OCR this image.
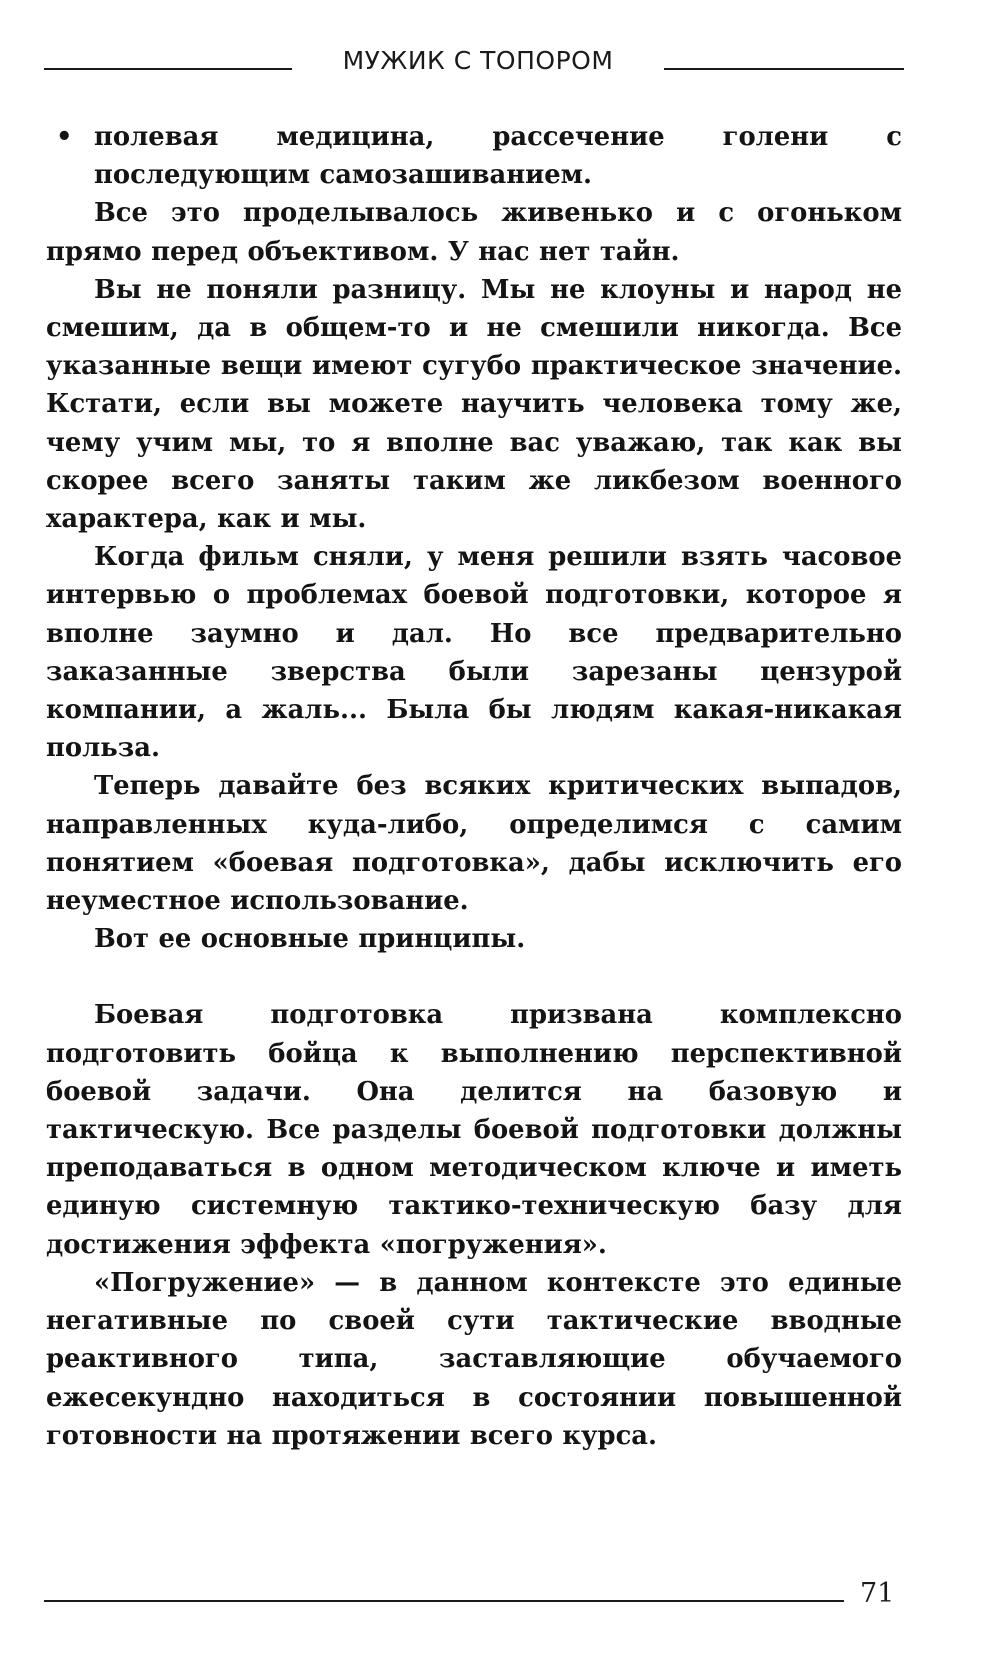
МУЖИК С ТОПОРОМ

• полевая медицина, рассечение голени с последующим самозашиванием.

Все это проделывалось живенько и с огоньком прямо перед объективом. У нас нет тайн.

Вы не поняли разницу. Мы не клоуны и народ не смешим, да в общем-то и не смешили никогда. Все указанные вещи имеют сугубо практическое значение. Кстати, если вы можете научить человека тому же, чему учим мы, то я вполне вас уважаю, так как вы скорее всего заняты таким же ликбезом военного характера, как и мы.

Когда фильм сняли, у меня решили взять часовое интервью о проблемах боевой подготовки, которое я вполне заумно и дал. Но все предварительно заказанные зверства были зарезаны цензурой компании, а жаль... Была бы людям какая-никакая польза.

Теперь давайте без всяких критических выпадов, направленных куда-либо, определимся с самим понятием «боевая подготовка», дабы исключить его неуместное использование.

Вот ее основные принципы.

Боевая подготовка призвана комплексно подготовить бойца к выполнению перспективной боевой задачи. Она делится на базовую и тактическую. Все разделы боевой подготовки должны преподаваться в одном методическом ключе и иметь единую системную тактико-техническую базу для достижения эффекта «погружения».

«Погружение» — в данном контексте это единые негативные по своей сути тактические вводные реактивного типа, заставляющие обучаемого ежесекундно находиться в состоянии повышенной готовности на протяжении всего курса.

71
